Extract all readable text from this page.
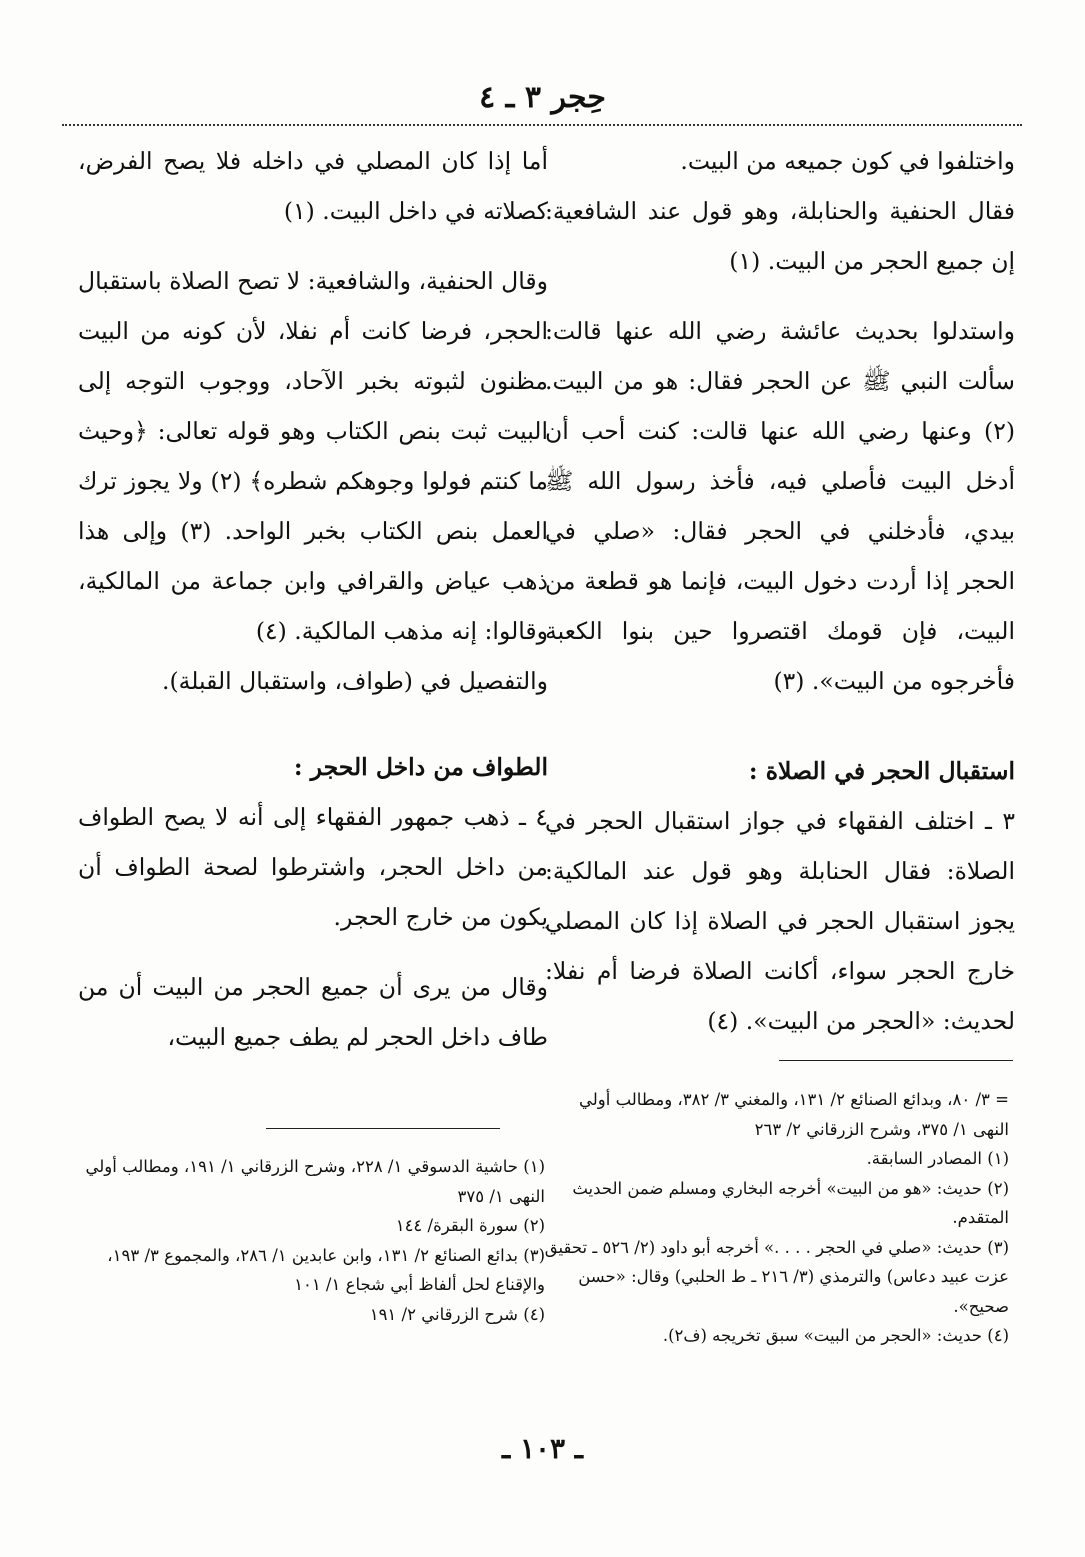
حِجر ٣ ـ ٤

واختلفوا في كون جميعه من البيت.

فقال الحنفية والحنابلة، وهو قول عند الشافعية: إن جميع الحجر من البيت. (١)

واستدلوا بحديث عائشة رضي الله عنها قالت: سألت النبي ﷺ عن الحجر فقال: هو من البيت. (٢) وعنها رضي الله عنها قالت: كنت أحب أن أدخل البيت فأصلي فيه، فأخذ رسول الله ﷺ بيدي، فأدخلني في الحجر فقال: «صلي في الحجر إذا أردت دخول البيت، فإنما هو قطعة من البيت، فإن قومك اقتصروا حين بنوا الكعبة فأخرجوه من البيت». (٣)

استقبال الحجر في الصلاة :

٣ ـ اختلف الفقهاء في جواز استقبال الحجر في الصلاة: فقال الحنابلة وهو قول عند المالكية: يجوز استقبال الحجر في الصلاة إذا كان المصلي خارج الحجر سواء، أكانت الصلاة فرضا أم نفلا: لحديث: «الحجر من البيت». (٤)

أما إذا كان المصلي في داخله فلا يصح الفرض، كصلاته في داخل البيت. (١)

وقال الحنفية، والشافعية: لا تصح الصلاة باستقبال الحجر، فرضا كانت أم نفلا، لأن كونه من البيت مظنون لثبوته بخبر الآحاد، ووجوب التوجه إلى البيت ثبت بنص الكتاب وهو قوله تعالى: ﴿وحيث ما كنتم فولوا وجوهكم شطره﴾ (٢) ولا يجوز ترك العمل بنص الكتاب بخبر الواحد. (٣) وإلى هذا ذهب عياض والقرافي وابن جماعة من المالكية، وقالوا: إنه مذهب المالكية. (٤)

والتفصيل في (طواف، واستقبال القبلة).

الطواف من داخل الحجر :

٤ ـ ذهب جمهور الفقهاء إلى أنه لا يصح الطواف من داخل الحجر، واشترطوا لصحة الطواف أن يكون من خارج الحجر.

وقال من يرى أن جميع الحجر من البيت أن من طاف داخل الحجر لم يطف جميع البيت،

= ٣/ ٨٠، وبدائع الصنائع ٢/ ١٣١، والمغني ٣/ ٣٨٢، ومطالب أولي النهى ١/ ٣٧٥، وشرح الزرقاني ٢/ ٢٦٣

(١) المصادر السابقة.

(٢) حديث: «هو من البيت» أخرجه البخاري ومسلم ضمن الحديث المتقدم.

(٣) حديث: «صلي في الحجر . . . .» أخرجه أبو داود (٢/ ٥٢٦ ـ تحقيق عزت عبيد دعاس) والترمذي (٣/ ٢١٦ ـ ط الحلبي) وقال: «حسن صحيح».

(٤) حديث: «الحجر من البيت» سبق تخريجه (ف٢).

(١) حاشية الدسوقي ١/ ٢٢٨، وشرح الزرقاني ١/ ١٩١، ومطالب أولي النهى ١/ ٣٧٥

(٢) سورة البقرة/ ١٤٤

(٣) بدائع الصنائع ٢/ ١٣١، وابن عابدين ١/ ٢٨٦، والمجموع ٣/ ١٩٣، والإقناع لحل ألفاظ أبي شجاع ١/ ١٠١

(٤) شرح الزرقاني ٢/ ١٩١

ـ ١٠٣ ـ
